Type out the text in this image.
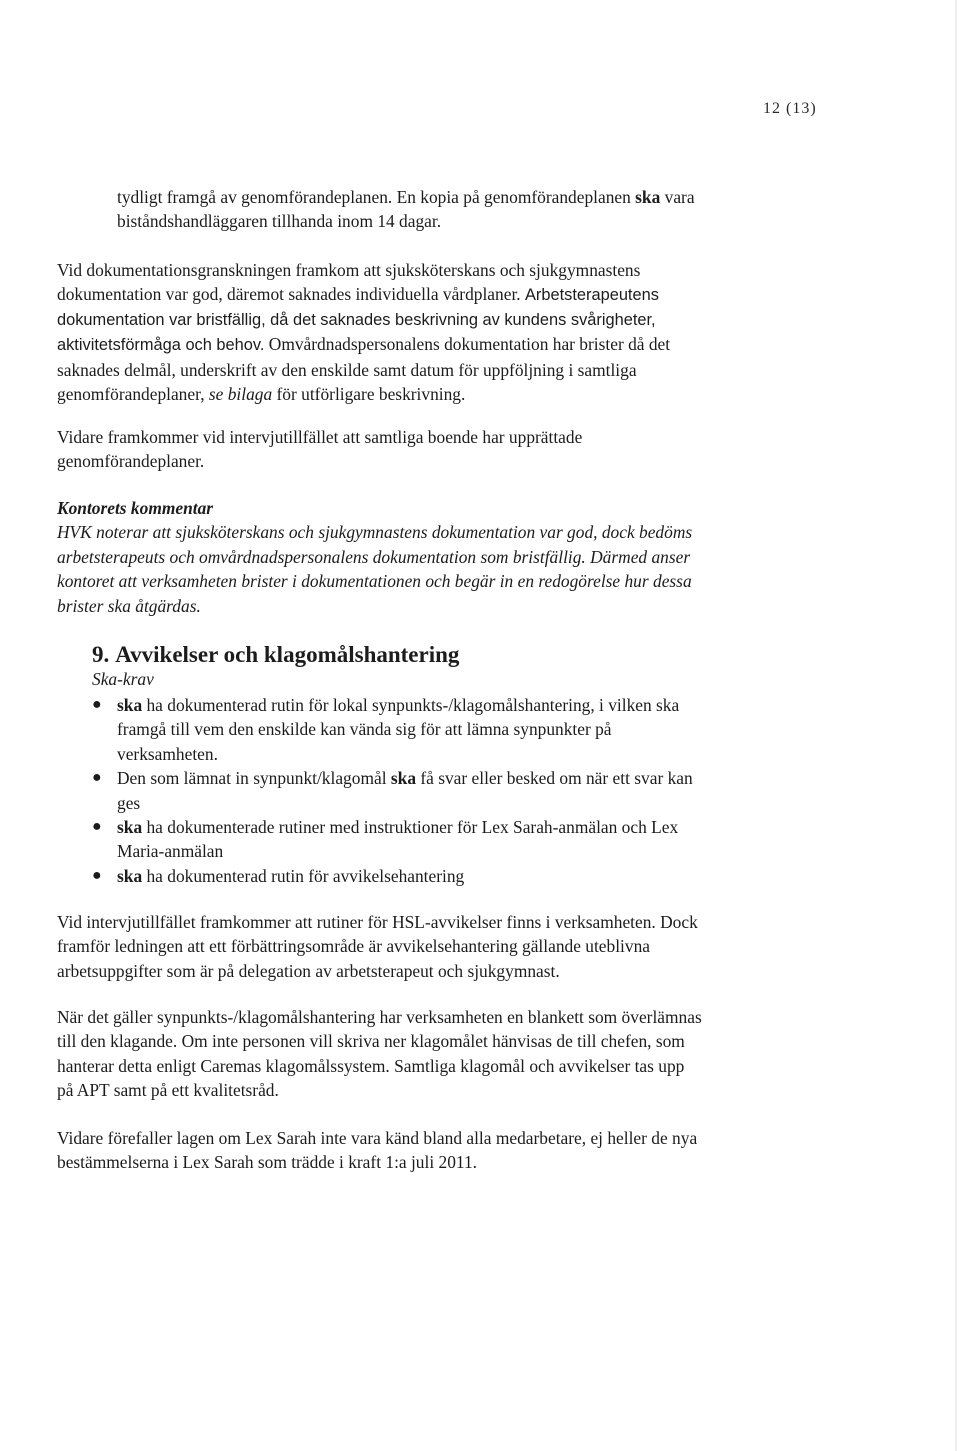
12 (13)

tydligt framgå av genomförandeplanen. En kopia på genomförandeplanen ska vara

biståndshandläggaren tillhanda inom 14 dagar.

Vid dokumentationsgranskningen framkom att sjuksköterskans och sjukgymnastens

dokumentation var god, däremot saknades individuella vårdplaner. Arbetsterapeutens

dokumentation var bristfällig, då det saknades beskrivning av kundens svårigheter,

aktivitetsförmåga och behov. Omvårdnadspersonalens dokumentation har brister då det

saknades delmål, underskrift av den enskilde samt datum för uppföljning i samtliga

genomförandeplaner, se bilaga för utförligare beskrivning.

Vidare framkommer vid intervjutillfället att samtliga boende har upprättade

genomförandeplaner.

Kontorets kommentar

HVK noterar att sjuksköterskans och sjukgymnastens dokumentation var god, dock bedöms

arbetsterapeuts och omvårdnadspersonalens dokumentation som bristfällig. Därmed anser

kontoret att verksamheten brister i dokumentationen och begär in en redogörelse hur dessa

brister ska åtgärdas.

9. Avvikelser och klagomålshantering
Ska-krav
● ska ha dokumenterad rutin för lokal synpunkts-/klagomålshantering, i vilken ska
framgå till vem den enskilde kan vända sig för att lämna synpunkter på
verksamheten.
● Den som lämnat in synpunkt/klagomål ska få svar eller besked om när ett svar kan
ges
● ska ha dokumenterade rutiner med instruktioner för Lex Sarah-anmälan och Lex
Maria-anmälan
● ska ha dokumenterad rutin för avvikelsehantering

Vid intervjutillfället framkommer att rutiner för HSL-avvikelser finns i verksamheten. Dock

framför ledningen att ett förbättringsområde är avvikelsehantering gällande uteblivna

arbetsuppgifter som är på delegation av arbetsterapeut och sjukgymnast.

När det gäller synpunkts-/klagomålshantering har verksamheten en blankett som överlämnas

till den klagande. Om inte personen vill skriva ner klagomålet hänvisas de till chefen, som

hanterar detta enligt Caremas klagomålssystem. Samtliga klagomål och avvikelser tas upp

på APT samt på ett kvalitetsråd.

Vidare förefaller lagen om Lex Sarah inte vara känd bland alla medarbetare, ej heller de nya

bestämmelserna i Lex Sarah som trädde i kraft 1:a juli 2011.
